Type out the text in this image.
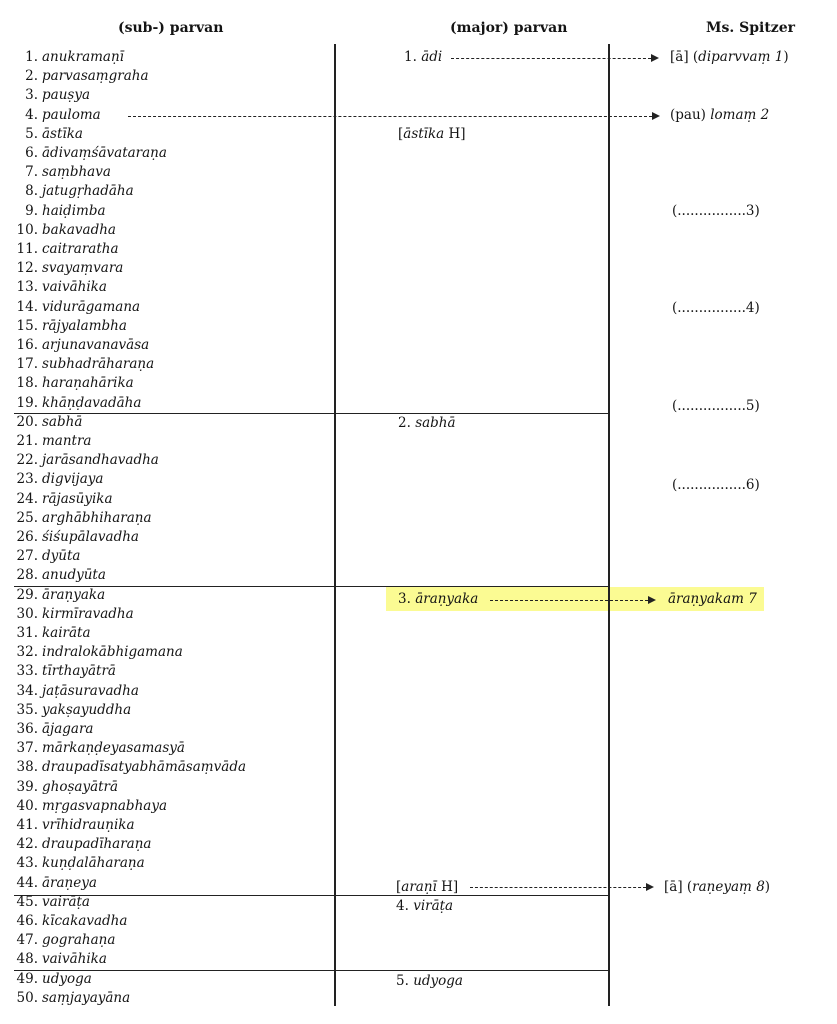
(sub-) parvan	(major) parvan	Ms. Spitzer
1. anukramaṇī
2. parvasaṃgraha
3. pauṣya
4. pauloma
5. āstīka
6. ādivaṃśāvataraṇa
7. saṃbhava
8. jatugṛhadāha
9. haiḍimba
10. bakavadha
11. caitraratha
12. svayaṃvara
13. vaivāhika
14. vidurāgamana
15. rājyalambha
16. arjunavanavāsa
17. subhadrāharaṇa
18. haraṇahārika
19. khāṇḍavadāha
20. sabhā
21. mantra
22. jarāsandhavadha
23. digvijaya
24. rājasūyika
25. arghābhiharaṇa
26. śiśupālavadha
27. dyūta
28. anudyūta
29. āraṇyaka
30. kirmīravadha
31. kairāta
32. indralokābhigamana
33. tīrthayātrā
34. jaṭāsuravadha
35. yakṣayuddha
36. ājagara
37. mārkaṇḍeyasamasyā
38. draupadīsatyabhāmāsaṃvāda
39. ghoṣayātrā
40. mṛgasvapnabhaya
41. vrīhidrauṇika
42. draupadīharaṇa
43. kuṇḍalāharaṇa
44. āraṇeya
45. vairāṭa
46. kīcakavadha
47. gograhaṇa
48. vaivāhika
49. udyoga
50. saṃjayayāna
1. ādi
[āstīka H]
2. sabhā
3. āraṇyaka
[araṇī H]
4. virāṭa
5. udyoga
[ā] (diparvvaṃ 1)
(pau) lomaṃ 2
(................3)
(................4)
(................5)
(................6)
āraṇyakam 7
[ā] (raṇeyaṃ 8)
